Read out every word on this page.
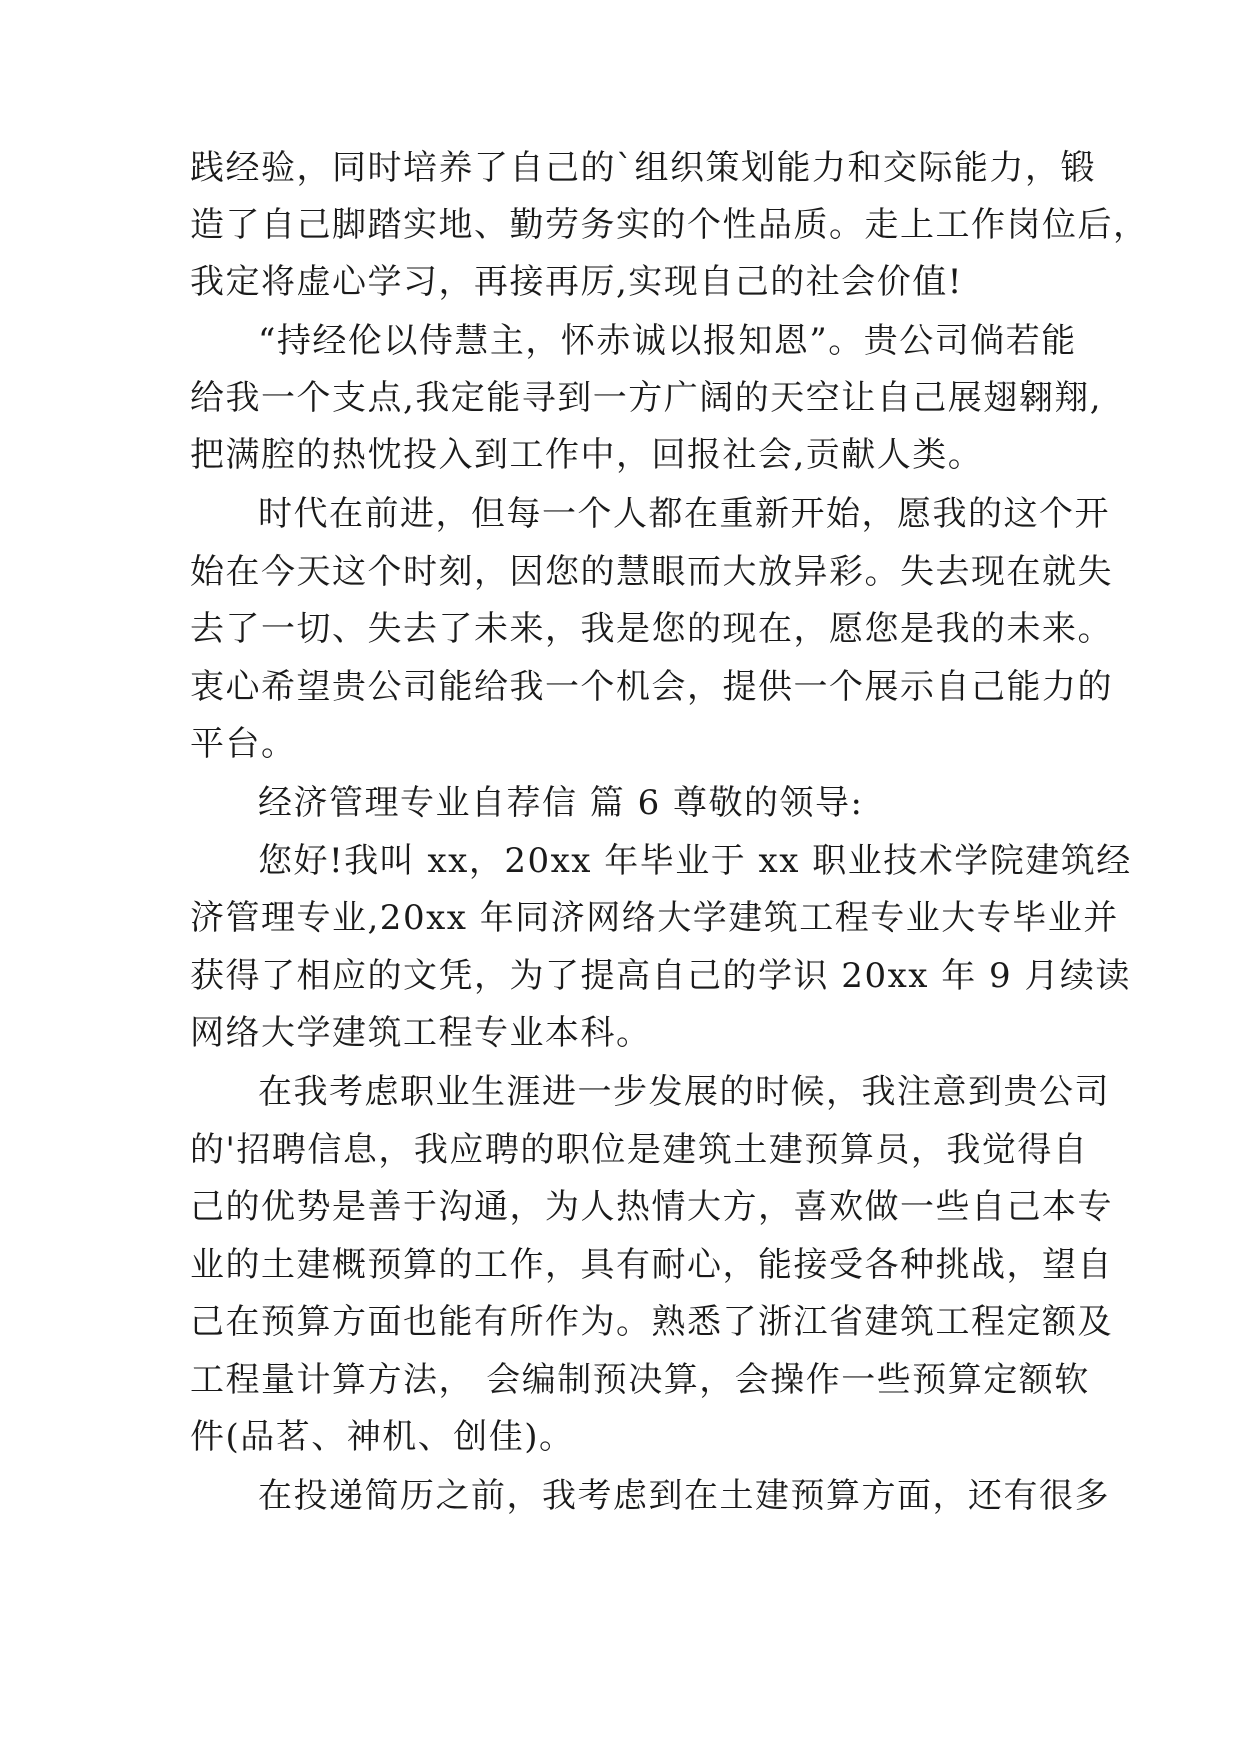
践经验，同时培养了自己的`组织策划能力和交际能力，锻
造了自己脚踏实地、勤劳务实的个性品质。走上工作岗位后，
我定将虚心学习，再接再厉,实现自己的社会价值!
“持经伦以侍慧主，怀赤诚以报知恩”。贵公司倘若能
给我一个支点,我定能寻到一方广阔的天空让自己展翅翱翔,
把满腔的热忱投入到工作中，回报社会,贡献人类。
时代在前进，但每一个人都在重新开始，愿我的这个开
始在今天这个时刻，因您的慧眼而大放异彩。失去现在就失
去了一切、失去了未来，我是您的现在，愿您是我的未来。
衷心希望贵公司能给我一个机会，提供一个展示自己能力的
平台。
经济管理专业自荐信 篇 6 尊敬的领导:
您好!我叫 xx，20xx 年毕业于 xx 职业技术学院建筑经
济管理专业,20xx 年同济网络大学建筑工程专业大专毕业并
获得了相应的文凭，为了提高自己的学识 20xx 年 9 月续读
网络大学建筑工程专业本科。
在我考虑职业生涯进一步发展的时候，我注意到贵公司
的'招聘信息，我应聘的职位是建筑土建预算员，我觉得自
己的优势是善于沟通，为人热情大方，喜欢做一些自己本专
业的土建概预算的工作，具有耐心，能接受各种挑战，望自
己在预算方面也能有所作为。熟悉了浙江省建筑工程定额及
工程量计算方法， 会编制预决算，会操作一些预算定额软
件(品茗、神机、创佳)。
在投递简历之前，我考虑到在土建预算方面，还有很多
